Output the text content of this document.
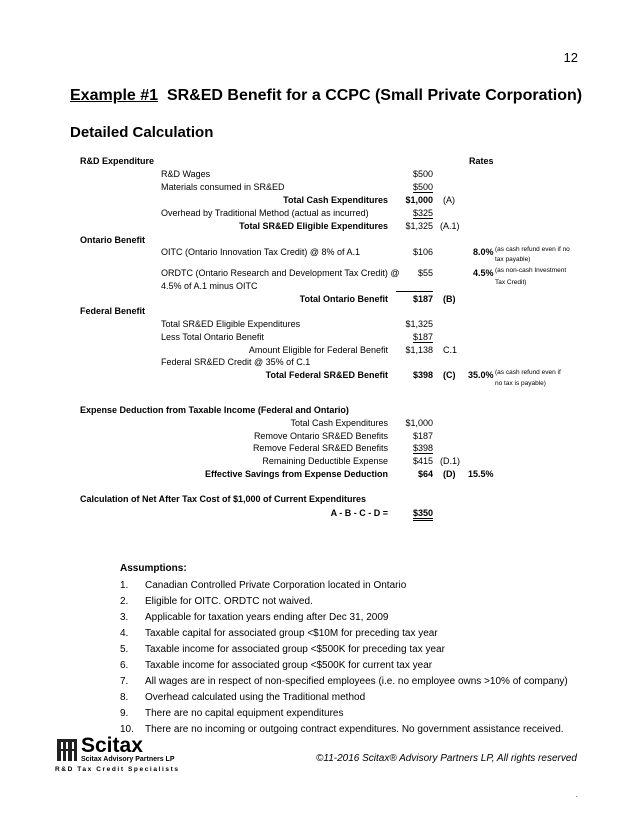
12
Example #1 SR&ED Benefit for a CCPC (Small Private Corporation)
Detailed Calculation
R&D Expenditure	Rates
R&D Wages	$500
Materials consumed in SR&ED	$500
Total Cash Expenditures $1,000 (A)
Overhead by Traditional Method (actual as incurred)	$325
Total SR&ED Eligible Expenditures $1,325 (A.1)
Ontario Benefit
OITC (Ontario Innovation Tax Credit) @ 8% of A.1	$106	8.0% (as cash refund even if no
tax payable)
ORDTC (Ontario Research and Development Tax Credit) @
4.5% of A.1 minus OITC
$55	4.5% (as non-cash Investment
Tax Credit)
Total Ontario Benefit	$187 (B)
Federal Benefit
Total SR&ED Eligible Expenditures	$1,325
Less Total Ontario Benefit	$187
Amount Eligible for Federal Benefit $1,138 C.1
Federal SR&ED Credit @ 35% of C.1
Total Federal SR&ED Benefit	$398 (C) 35.0% (as cash refund even if
no tax is payable)
Expense Deduction from Taxable Income (Federal and Ontario)
Total Cash Expenditures $1,000
Remove Ontario SR&ED Benefits	$187
Remove Federal SR&ED Benefits	$398
Remaining Deductible Expense	$415 (D.1)
Effective Savings from Expense Deduction	$64 (D) 15.5%
Calculation of Net After Tax Cost of $1,000 of Current Expenditures
A - B - C - D =	$350
Assumptions:
1.	Canadian Controlled Private Corporation located in Ontario
2.	Eligible for OITC. ORDTC not waived.
3.	Applicable for taxation years ending after Dec 31, 2009
4.	Taxable capital for associated group <$10M for preceding tax year
5.	Taxable income for associated group <$500K for preceding tax year
6.	Taxable income for associated group <$500K for current tax year
7.	All wages are in respect of non-specified employees (i.e. no employee owns >10% of company)
8.	Overhead calculated using the Traditional method
9.	There are no capital equipment expenditures
10.	There are no incoming or outgoing contract expenditures. No government assistance received.
Scitax
Scitax Advisory Partners LP
R&D Tax Credit Specialists
©11-2016 Scitax® Advisory Partners LP, All rights reserved
.
